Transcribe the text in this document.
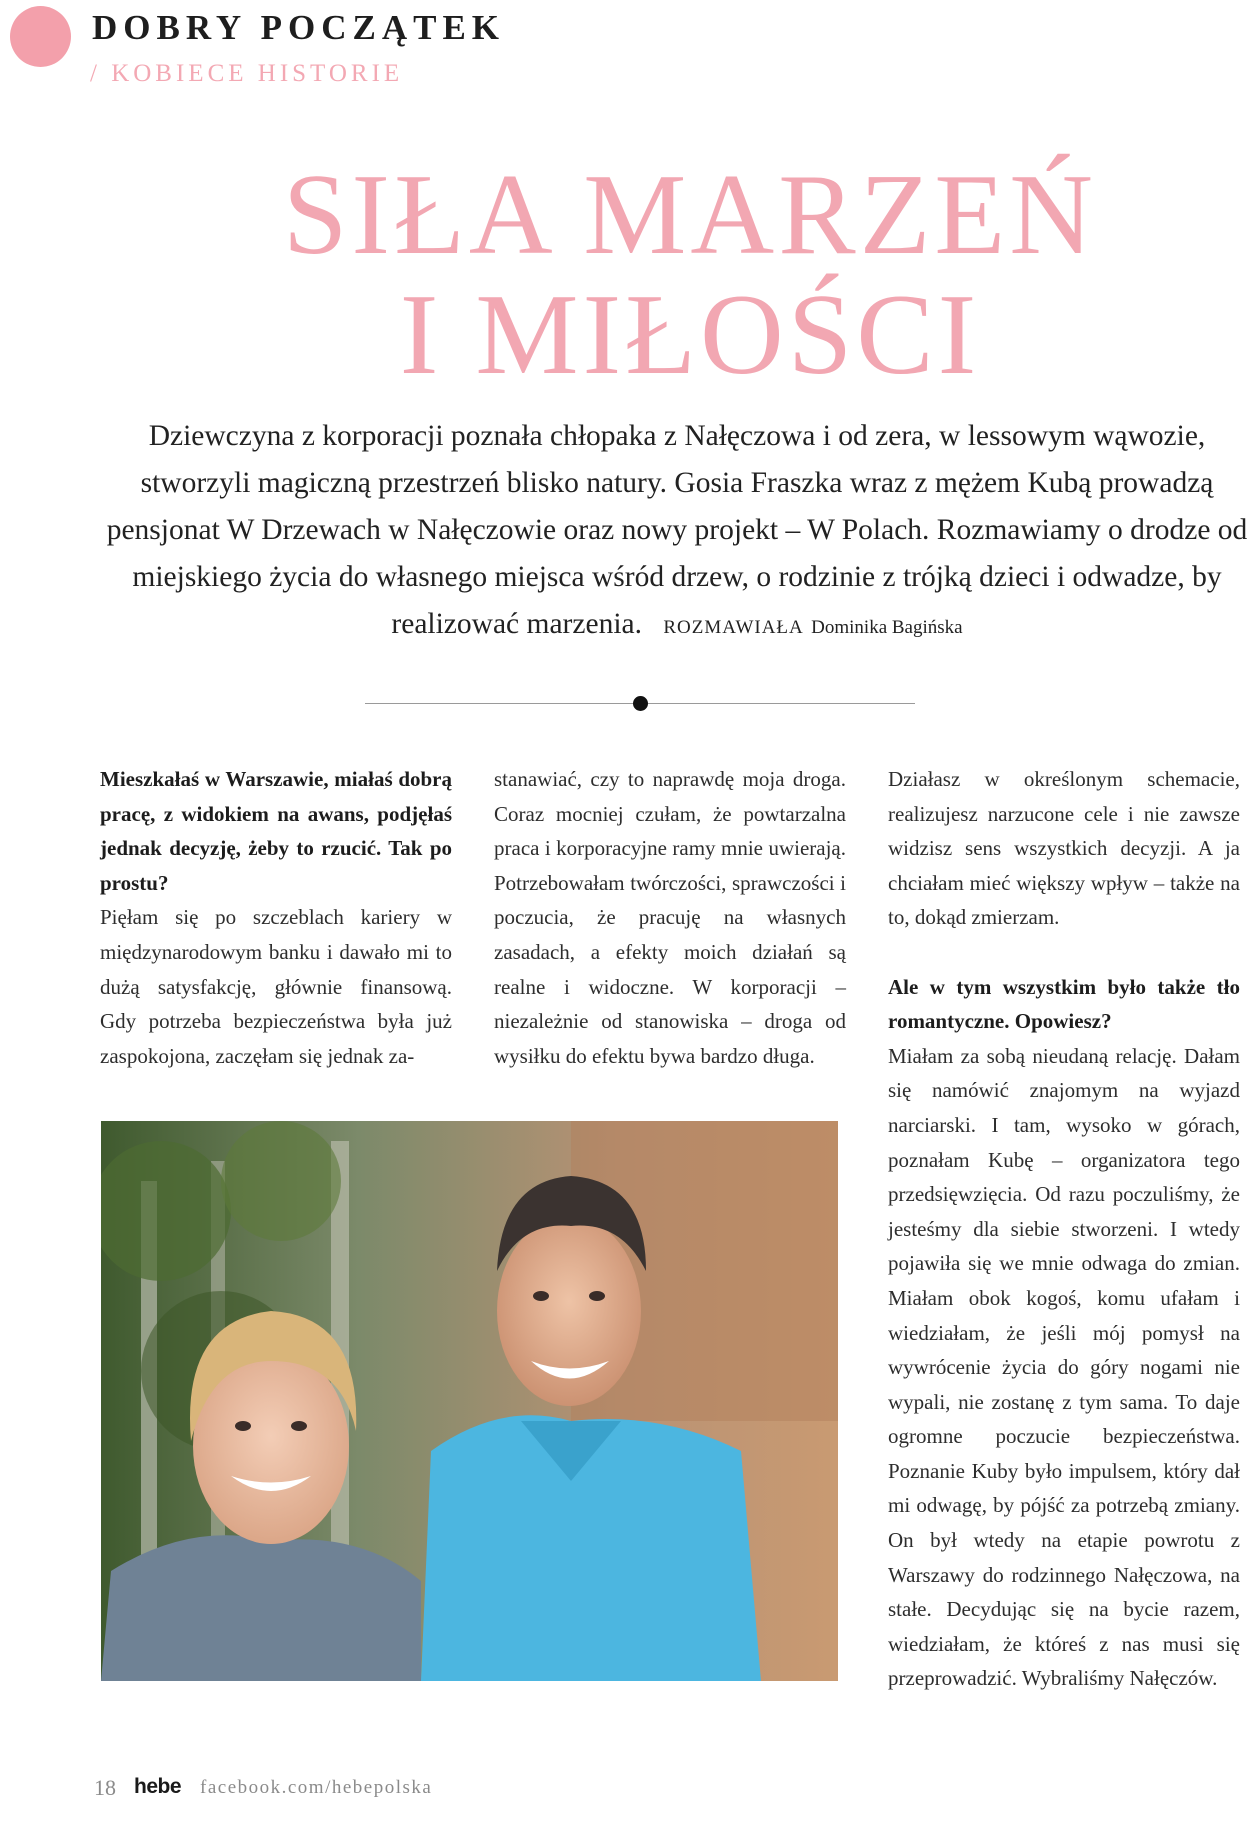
DOBRY POCZĄTEK
/ KOBIECE HISTORIE
SIŁA MARZEŃ
I MIŁOŚCI
Dziewczyna z korporacji poznała chłopaka z Nałęczowa i od zera, w lessowym wąwozie, stworzyli magiczną przestrzeń blisko natury. Gosia Fraszka wraz z mężem Kubą prowadzą pensjonat W Drzewach w Nałęczowie oraz nowy projekt – W Polach. Rozmawiamy o drodze od miejskiego życia do własnego miejsca wśród drzew, o rodzinie z trójką dzieci i odwadze, by realizować marzenia. ROZMAWIAŁA Dominika Bagińska

Mieszkałaś w Warszawie, miałaś dobrą pracę, z widokiem na awans, podjęłaś jednak decyzję, żeby to rzucić. Tak po prostu?

Pięłam się po szczeblach kariery w międzynarodowym banku i dawało mi to dużą satysfakcję, głównie finansową. Gdy potrzeba bezpieczeństwa była już zaspokojona, zaczęłam się jednak za-

stanawiać, czy to naprawdę moja droga. Coraz mocniej czułam, że powtarzalna praca i korporacyjne ramy mnie uwierają. Potrzebowałam twórczości, sprawczości i poczucia, że pracuję na własnych zasadach, a efekty moich działań są realne i widoczne. W korporacji – niezależnie od stanowiska – droga od wysiłku do efektu bywa bardzo długa.

Działasz w określonym schemacie, realizujesz narzucone cele i nie zawsze widzisz sens wszystkich decyzji. A ja chciałam mieć większy wpływ – także na to, dokąd zmierzam.

Ale w tym wszystkim było także tło romantyczne. Opowiesz?

Miałam za sobą nieudaną relację. Dałam się namówić znajomym na wyjazd narciarski. I tam, wysoko w górach, poznałam Kubę – organizatora tego przedsięwzięcia. Od razu poczuliśmy, że jesteśmy dla siebie stworzeni. I wtedy pojawiła się we mnie odwaga do zmian. Miałam obok kogoś, komu ufałam i wiedziałam, że jeśli mój pomysł na wywrócenie życia do góry nogami nie wypali, nie zostanę z tym sama. To daje ogromne poczucie bezpieczeństwa. Poznanie Kuby było impulsem, który dał mi odwagę, by pójść za potrzebą zmiany. On był wtedy na etapie powrotu z Warszawy do rodzinnego Nałęczowa, na stałe. Decydując się na bycie razem, wiedziałam, że któreś z nas musi się przeprowadzić. Wybraliśmy Nałęczów.

18 hebe facebook.com/hebepolska
